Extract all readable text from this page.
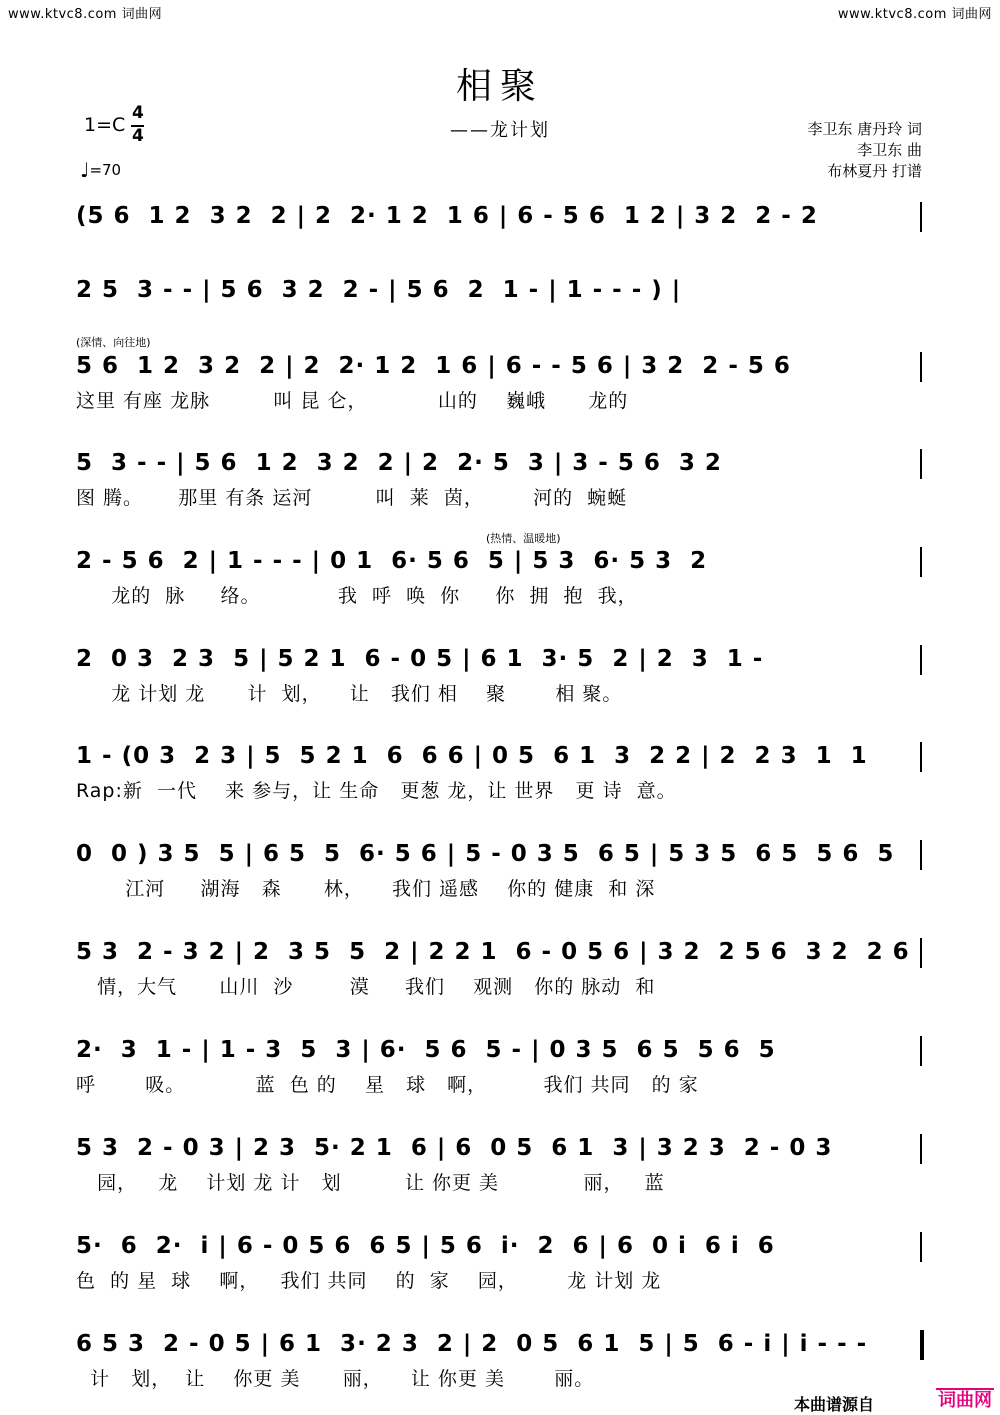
www.ktvc8.com 词曲网	www.ktvc8.com 词曲网
相聚
——龙计划
1=C
4
4
♩=70
李卫东 唐丹玲 词
李卫东 曲
布林夏丹 打谱
(深情、向往地)
(热情、温暖地)
(5 6  1 2  3 2  2 | 2  2· 1 2  1 6 | 6 - 5 6  1 2 | 3 2  2 - 2
2 5  3 - - | 5 6  3 2  2 - | 5 6  2  1 - | 1 - - - ) |
5 6  1 2  3 2  2 | 2  2· 1 2  1 6 | 6 - - 5 6 | 3 2  2 - 5 6
这里 有座 龙脉         叫 昆 仑，          山的    巍峨      龙的
5  3 - - | 5 6  1 2  3 2  2 | 2  2· 5  3 | 3 - 5 6  3 2
图 腾。     那里 有条 运河         叫  莱  茵，       河的  蜿蜒
2 - 5 6  2 | 1 - - - | 0 1  6· 5 6  5 | 5 3  6· 5 3  2
龙的  脉     络。           我  呼  唤  你     你  拥  抱  我，
2  0 3  2 3  5 | 5 2 1  6 - 0 5 | 6 1  3· 5  2 | 2  3  1 -
龙 计划 龙      计  划，    让   我们 相    聚       相 聚。
1 - (0 3  2 3 | 5  5 2 1  6  6 6 | 0 5  6 1  3  2 2 | 2  2 3  1  1
Rap:新  一代    来 参与，让 生命   更葱 龙，让 世界   更 诗  意。
0  0 ) 3 5  5 | 6 5  5  6· 5 6 | 5 - 0 3 5  6 5 | 5 3 5  6 5  5 6  5
江河     湖海   森      林，    我们 遥感    你的 健康  和 深
5 3  2 - 3 2 | 2  3 5  5  2 | 2 2 1  6 - 0 5 6 | 3 2  2 5 6  3 2  2 6
情，大气      山川  沙        漠     我们    观测   你的 脉动  和
2·  3  1 - | 1 - 3  5  3 | 6·  5 6  5 - | 0 3 5  6 5  5 6  5
呼       吸。          蓝  色 的    星   球   啊，        我们 共同   的 家
5 3  2 - 0 3 | 2 3  5· 2 1  6 | 6  0 5  6 1  3 | 3 2 3  2 - 0 3
园，   龙    计划 龙 计   划         让 你更 美            丽，   蓝
5·  6  2·  i | 6 - 0 5 6  6 5 | 5 6  i·  2  6 | 6  0 i  6 i  6
色  的 星  球    啊，   我们 共同    的  家    园，       龙 计划 龙
6 5 3  2 - 0 5 | 6 1  3· 2 3  2 | 2  0 5  6 1  5 | 5  6 - i | i - - -
计   划，  让    你更 美      丽，    让 你更 美       丽。
本曲谱源自	词曲网
